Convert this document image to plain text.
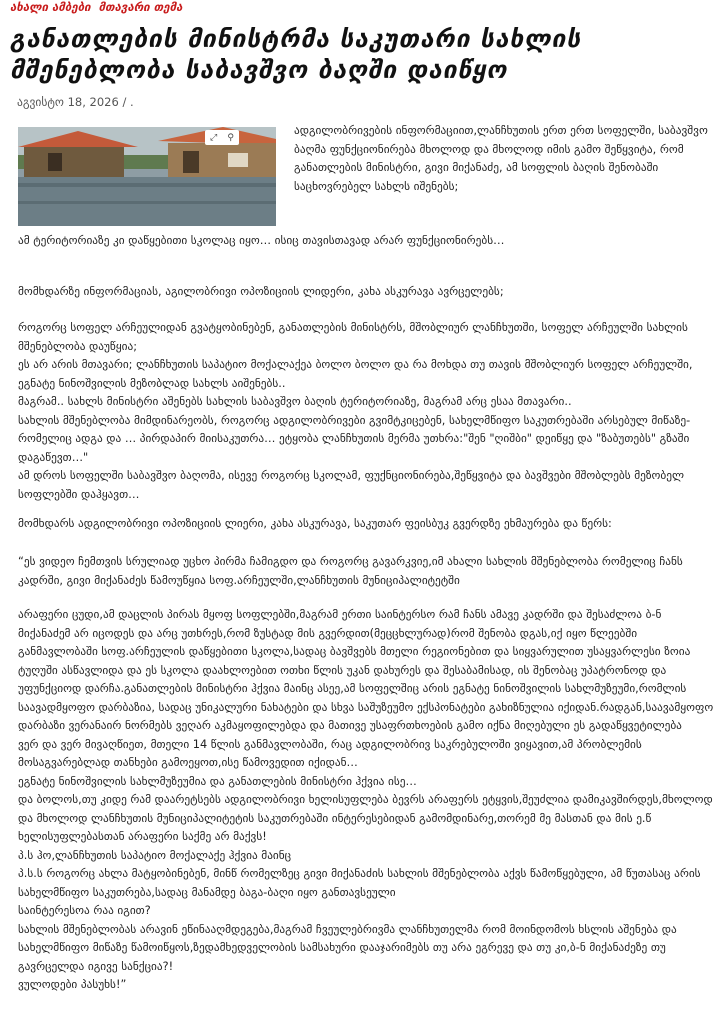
ახალი ამბები მთავარი თემა
განათლების მინისტრმა საკუთარი სახლის მშენებლობა საბავშვო ბაღში დაიწყო
აგვისტო 18, 2026 / .
⤢ ⚲

ადგილობრივების ინფორმაციით,ლანჩხუთის ერთ ერთ სოფელში, საბავშვო ბაღმა ფუნქციონირება მხოლოდ და მხოლოდ იმის გამო შეწყვიტა, რომ განათლების მინისტრი, გივი მიქანაძე, ამ სოფლის ბაღის შენობაში საცხოვრებელ სახლს იშენებს;

ამ ტერიტორიაზე კი დაწყებითი სკოლაც იყო… ისიც თავისთავად არარ ფუნქციონირებს…

მომხდარზე ინფორმაციას, აგილობრივი ოპოზიციის ლიდერი, კახა ასკურავა ავრცელებს;

როგორც სოფელ არჩეულიდან გვატყობინებენ, განათლების მინისტრს, მშობლიურ ლანჩხუთში, სოფელ არჩეულში სახლის მშენებლობა დაუწყია;
ეს არ არის მთავარი; ლანჩხუთის საპატიო მოქალაქეა ბოლო ბოლო და რა მოხდა თუ თავის მშობლიურ სოფელ არჩეულში, ეგნატე ნინოშვილის მეზობლად სახლს აიშენებს..
მაგრამ.. სახლს მინისტრი აშენებს სახლის საბავშვო ბაღის ტერიტორიაზე, მაგრამ არც ესაა მთავარი..
სახლის მშენებლობა მიმდინარეობს, როგორც ადგილობრივები გვიმტკიცებენ, სახელმწიფო საკუთრებაში არსებულ მიწაზე-რომელიც ადგა და … პირდაპირ მიისაკუთრა… ეტყობა ლანჩხუთის მერმა უთხრა:"შენ "ღიშბი" დეიწყე და "ზაბუთებს" გზაში დაგაწევთ…"
ამ დროს სოფელში საბავშვო ბაღომა, ისევე როგორც სკოლამ, ფუქნციონირება,შეწყვიტა და ბავშვები მშობლებს მეზობელ სოფლებში დაჰყავთ…

მომხდარს ადგილობრივი ოპოზიციის ლიერი, კახა ასკურავა, საკუთარ ფეისბუკ გვერდზე ეხმაურება და წერს:

“ეს ვიდეო ჩემთვის სრულიად უცხო პირმა ჩამიგდო და როგორც გავარკვიე,იმ ახალი სახლის მშენებლობა რომელიც ჩანს კადრში, გივი მიქანაძეს წამოუწყია სოფ.არჩეულში,ლანჩხუთის მუნიციპალიტეტში

არაფერი ცუდი,ამ დაცლის პირას მყოფ სოფლებში,მაგრამ ერთი საინტერსო რამ ჩანს ამავე კადრში და შესაძლოა ბ-ნ მიქანაძემ არ იცოდეს და არც უთხრეს,რომ ზუსტად მის გვერდით(მეცცხლურად)რომ შენობა დგას,იქ იყო წლეებში განმავლობაში სოფ.არჩეულის დაწყებითი სკოლა,სადაც ბავშვებს მთელი რეგიონებით და სიყვარულით უსაყვარლესი ზოია ტუღუში ასწავლიდა და ეს სკოლა დაახლოებით ოთხი წლის უკან დახურეს და შესაბამისად, ის შენობაც უპატრონოდ და უფუნქციოდ დარჩა.განათლების მინისტრი ჰქვია მაინც ასეე,ამ სოფელშიც არის ეგნატე ნინოშვილის სახლმუზეუმი,რომლის საავადმყოფო დარბაზია, სადაც უნიკალური ნახატები და სხვა საშუზეუმო ექსპონატები გახიზნულია იქიდან.რადგან,საავამყოფო დარბაზი ვერანაირ ნორმებს ვეღარ აკმაყოფილებდა და მათივე უსაფრთხოების გამო იქნა მიღებული ეს გადაწყვეტილება
ვერ და ვერ მივაღწიეთ, მთელი 14 წლის განმავლობაში, რაც ადგილობრივ საკრებულოში ვიყავით,ამ პრობლემის მოსაგვარებლად თანხები გამოეყოთ,ისე წამოვედით იქიდან…
ეგნატე ნინოშვილის სახლმუზეუმია და განათლების მინისტრი ჰქვია ისე…
და ბოლოს,თუ კიდე რამ დაარეტსებს ადგილობრივი ხელისუფლება ბევრს არაფერს ეტყვის,შეუძლია დამიკავშირდეს,მხოლოდ და მხოლოდ ლანჩხუთის მუნიციპალიტეტის საკუთრებაში ინტერესებიდან გამომდინარე,თორემ მე მასთან და მის ე.წ ხელისუფლებასთან არაფერი საქმე არ მაქვს!
პ.ს ჰო,ლანჩხუთის საპატიო მოქალაქე ჰქვია მაინც
პ.ს.ს როგორც ახლა მატყობინებენ, მინწ რომელზეც გივი მიქანაძის სახლის მშენებლობა აქვს წამოწყებული, ამ წუთასაც არის სახელმწიფო საკუთრება,სადაც მანამდე ბაგა-ბაღი იყო განთავსეული
საინტერესოა რაა იგით?
სახლის მშენებლობას არავინ ეწინააღმდეგება,მაგრამ ჩვეულებრივმა ლანჩხუთელმა რომ მოინდომოს ხსლის აშენება და სახელმწიფო მიწაზე წამოიწყოს,ზედამხედველობის სამსახური დააჯარიმებს თუ არა ეგრევე და თუ კი,ბ-ნ მიქანაძეზე თუ გავრცელდა იგივე სანქცია?!
ვულოდები პასუხს!”
